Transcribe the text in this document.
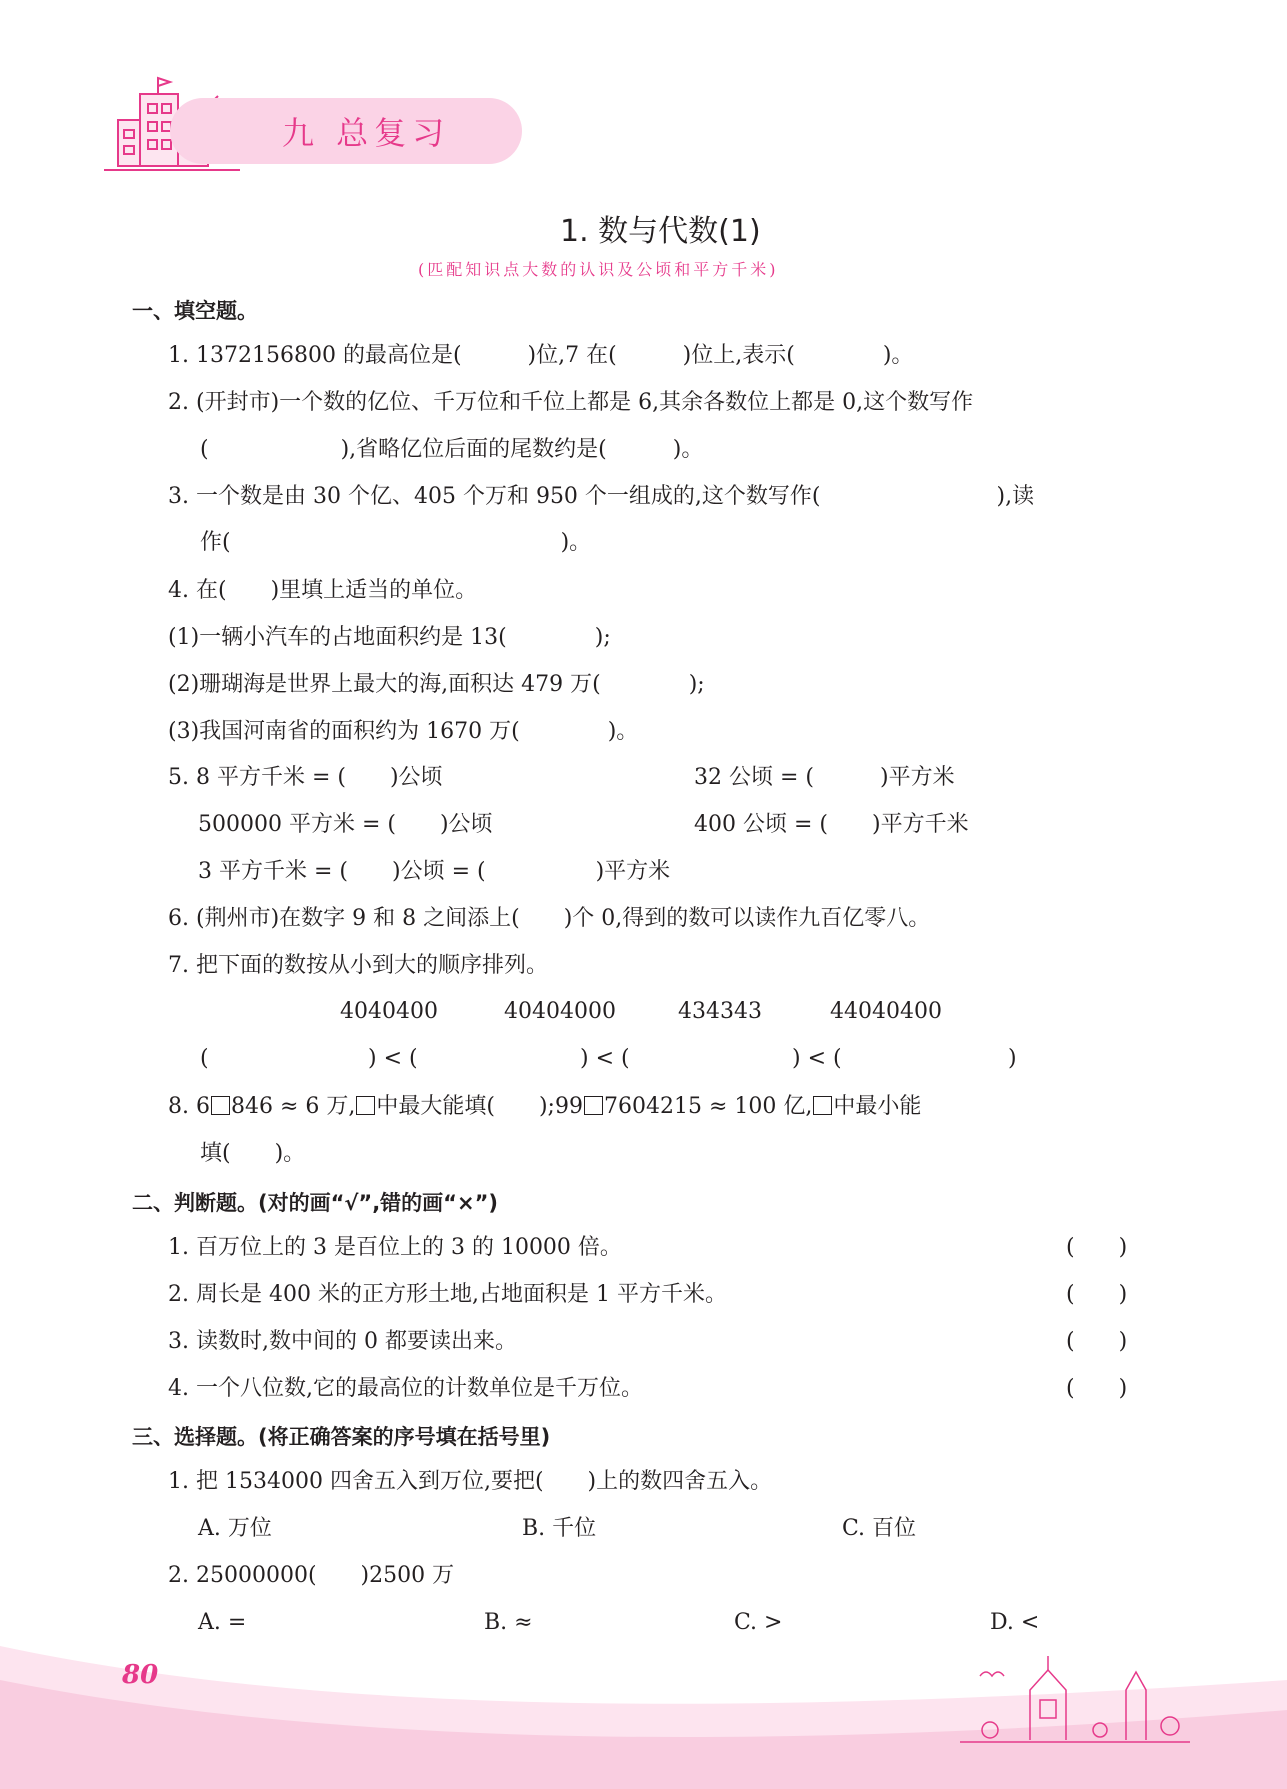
九 总复习
1. 数与代数(1)
(匹配知识点大数的认识及公顷和平方千米)
一、填空题。
1. 1372156800 的最高位是(　　　)位,7 在(　　　)位上,表示(　　　　)。
2. (开封市)一个数的亿位、千万位和千位上都是 6,其余各数位上都是 0,这个数写作
(　　　　　　),省略亿位后面的尾数约是(　　　)。
3. 一个数是由 30 个亿、405 个万和 950 个一组成的,这个数写作(　　　　　　　　),读
作(　　　　　　　　　　　　　　　)。
4. 在(　　)里填上适当的单位。
(1)一辆小汽车的占地面积约是 13(　　　　);
(2)珊瑚海是世界上最大的海,面积达 479 万(　　　　);
(3)我国河南省的面积约为 1670 万(　　　　)。
5. 8 平方千米 = (　　)公顷	32 公顷 = (　　　)平方米
500000 平方米 = (　　)公顷	400 公顷 = (　　)平方千米
3 平方千米 = (　　)公顷 = (　　　　　)平方米
6. (荆州市)在数字 9 和 8 之间添上(　　)个 0,得到的数可以读作九百亿零八。
7. 把下面的数按从小到大的顺序排列。
4040400	40404000	434343	44040400
(	) < (	) < (	) < (	)
8. 6 846 ≈ 6 万, 中最大能填(　　);99 7604215 ≈ 100 亿, 中最小能
填(　　)。
二、判断题。(对的画“√”,错的画“×”)
1. 百万位上的 3 是百位上的 3 的 10000 倍。	(　　)
2. 周长是 400 米的正方形土地,占地面积是 1 平方千米。	(　　)
3. 读数时,数中间的 0 都要读出来。	(　　)
4. 一个八位数,它的最高位的计数单位是千万位。	(　　)
三、选择题。(将正确答案的序号填在括号里)
1. 把 1534000 四舍五入到万位,要把(　　)上的数四舍五入。
A. 万位	B. 千位	C. 百位
2. 25000000(　　)2500 万
A. =	B. ≈	C. >	D. <
80
